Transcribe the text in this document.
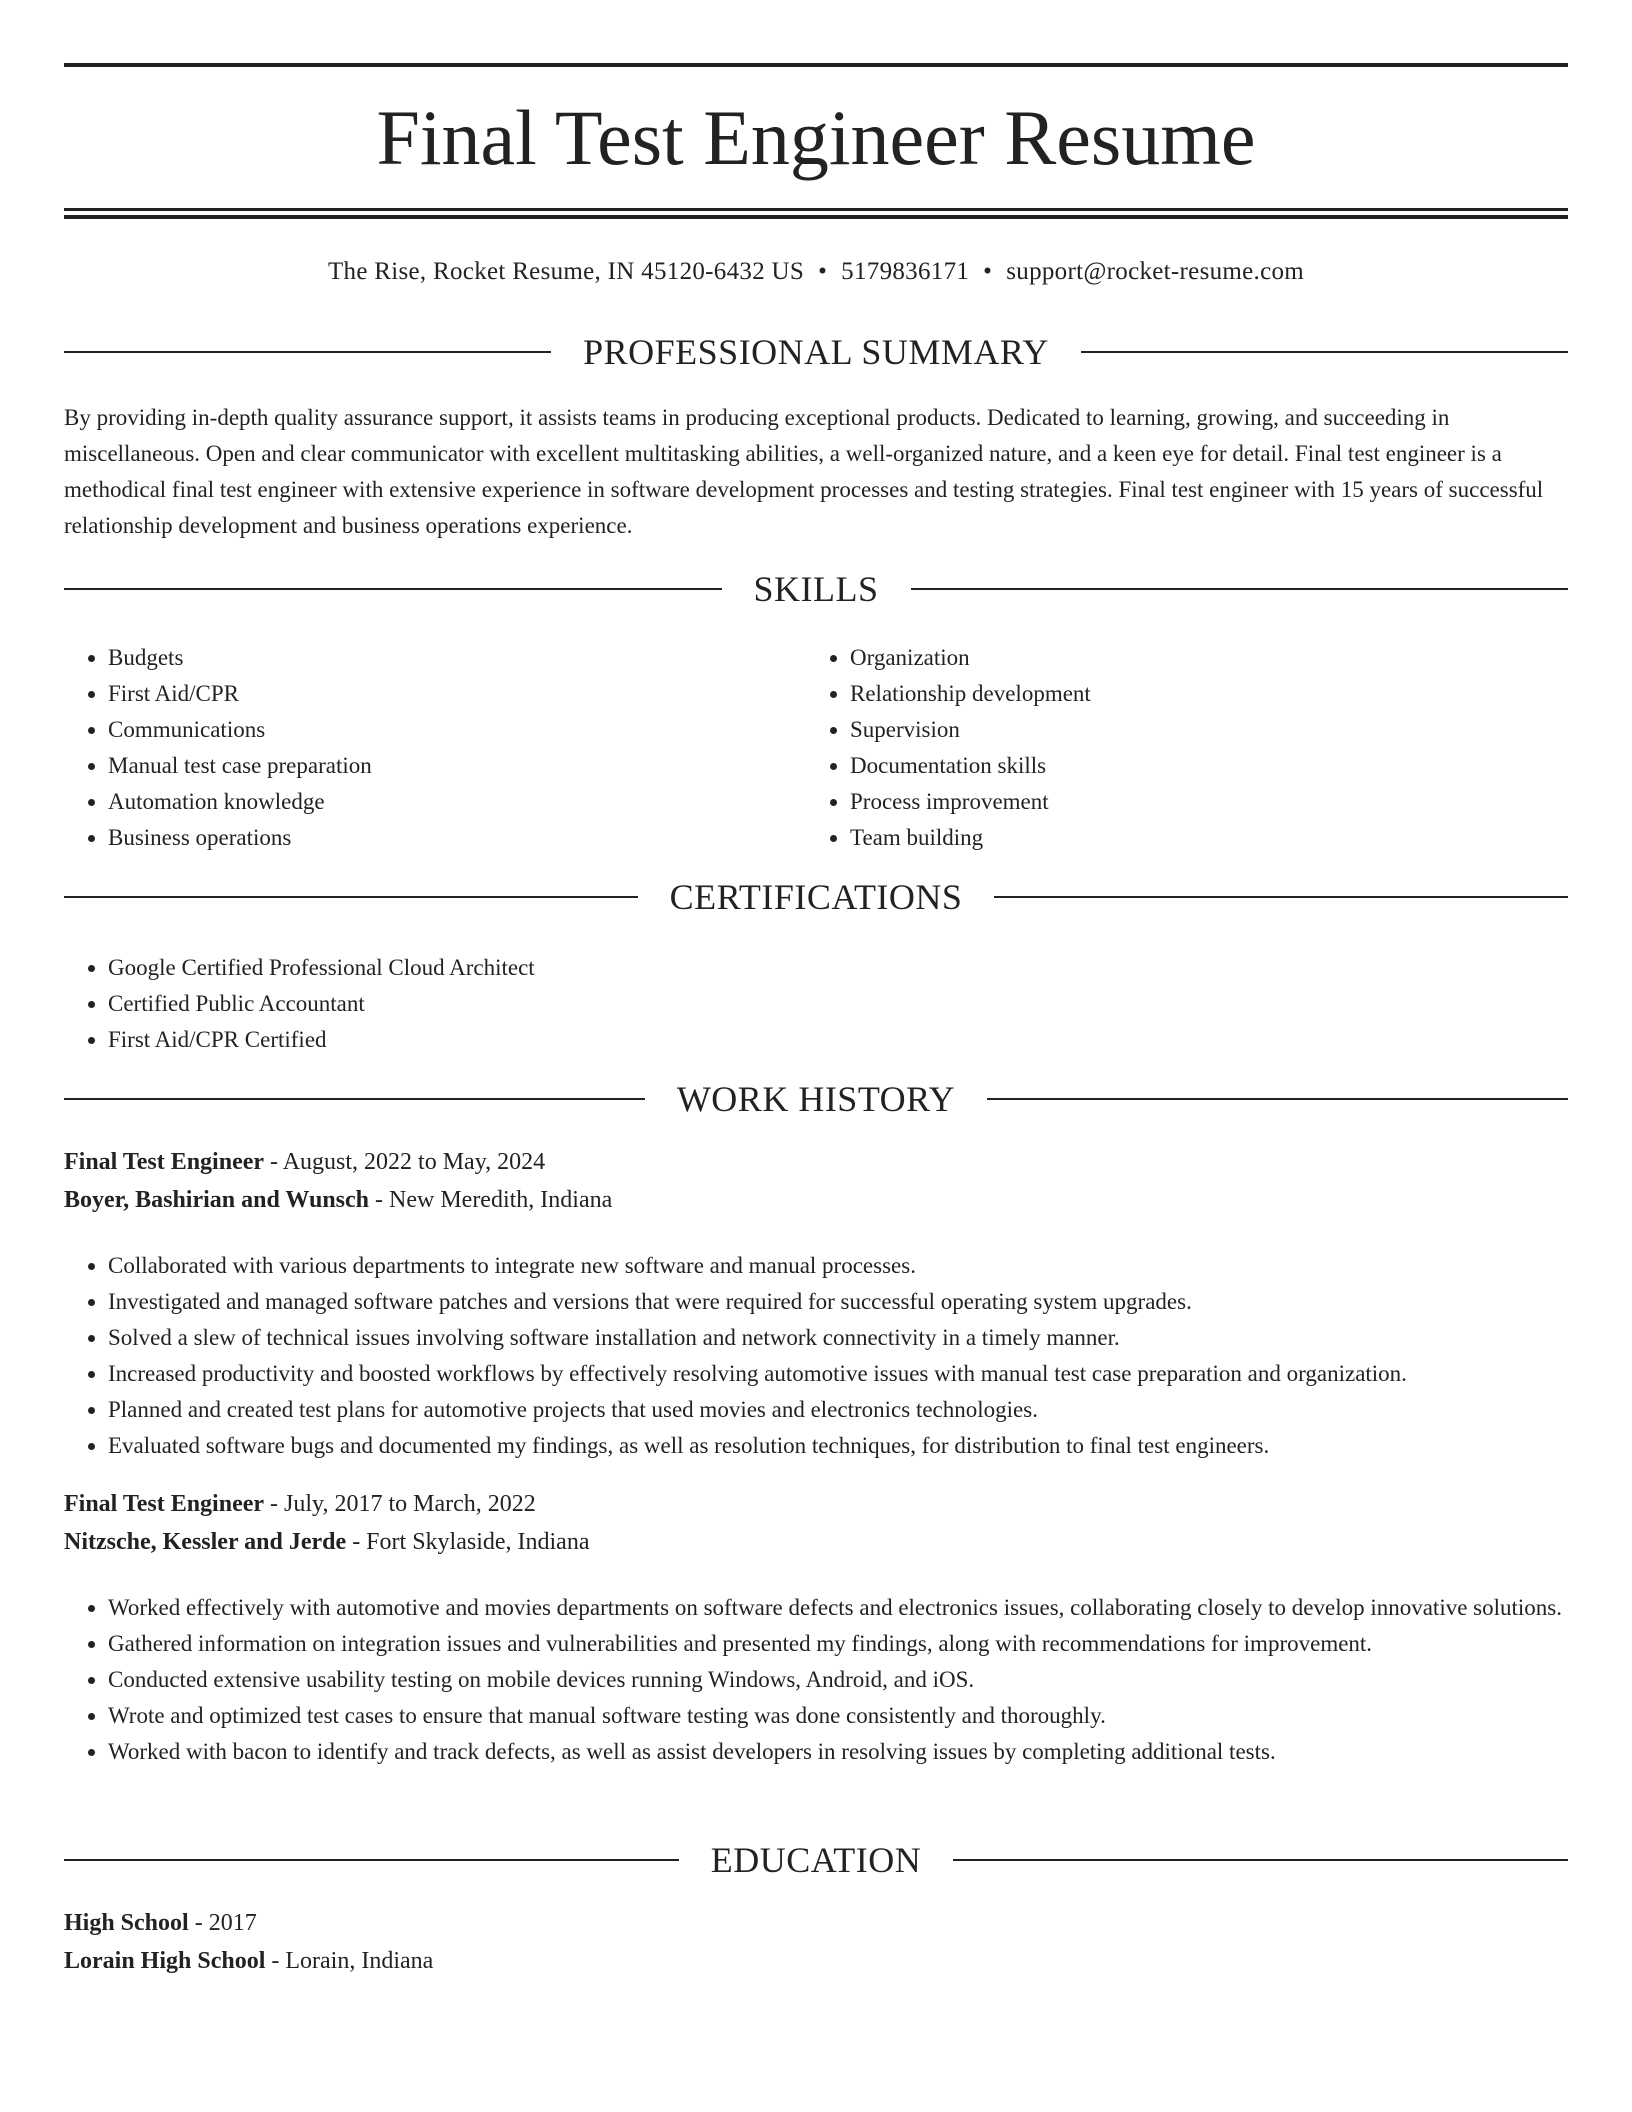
Final Test Engineer Resume
The Rise, Rocket Resume, IN 45120-6432 US • 5179836171 • support@rocket-resume.com
PROFESSIONAL SUMMARY

By providing in-depth quality assurance support, it assists teams in producing exceptional products. Dedicated to learning, growing, and succeeding in miscellaneous. Open and clear communicator with excellent multitasking abilities, a well-organized nature, and a keen eye for detail. Final test engineer is a methodical final test engineer with extensive experience in software development processes and testing strategies. Final test engineer with 15 years of successful relationship development and business operations experience.

SKILLS
• Budgets
• First Aid/CPR
• Communications
• Manual test case preparation
• Automation knowledge
• Business operations
• Organization
• Relationship development
• Supervision
• Documentation skills
• Process improvement
• Team building
CERTIFICATIONS
• Google Certified Professional Cloud Architect
• Certified Public Accountant
• First Aid/CPR Certified
WORK HISTORY
Final Test Engineer - August, 2022 to May, 2024
Boyer, Bashirian and Wunsch - New Meredith, Indiana
• Collaborated with various departments to integrate new software and manual processes.
• Investigated and managed software patches and versions that were required for successful operating system upgrades.
• Solved a slew of technical issues involving software installation and network connectivity in a timely manner.
• Increased productivity and boosted workflows by effectively resolving automotive issues with manual test case preparation and organization.
• Planned and created test plans for automotive projects that used movies and electronics technologies.
• Evaluated software bugs and documented my findings, as well as resolution techniques, for distribution to final test engineers.
Final Test Engineer - July, 2017 to March, 2022
Nitzsche, Kessler and Jerde - Fort Skylaside, Indiana
• Worked effectively with automotive and movies departments on software defects and electronics issues, collaborating closely to develop innovative solutions.
• Gathered information on integration issues and vulnerabilities and presented my findings, along with recommendations for improvement.
• Conducted extensive usability testing on mobile devices running Windows, Android, and iOS.
• Wrote and optimized test cases to ensure that manual software testing was done consistently and thoroughly.
• Worked with bacon to identify and track defects, as well as assist developers in resolving issues by completing additional tests.
EDUCATION
High School - 2017
Lorain High School - Lorain, Indiana
